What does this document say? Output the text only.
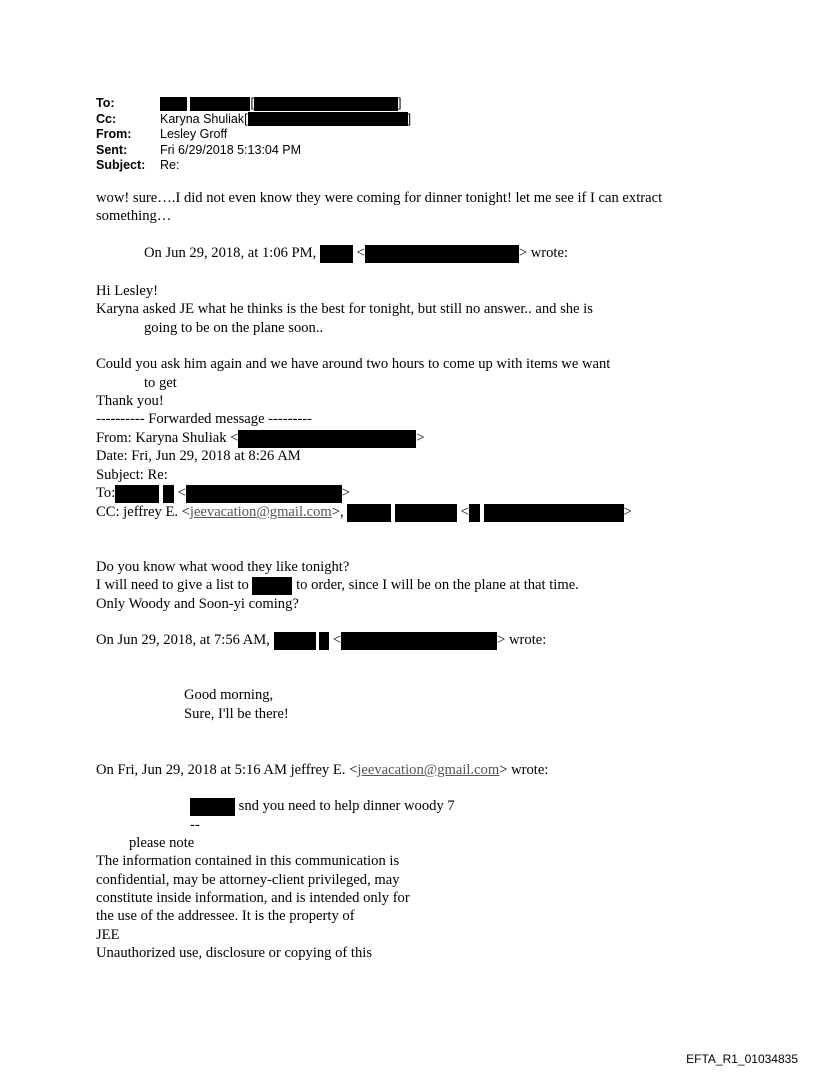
To:	[	]
Cc:	Karyna Shuliak[	]
From: Lesley Groff
Sent:	Fri 6/29/2018 5:13:04 PM
Subject: Re:
wow! sure….I did not even know they were coming for dinner tonight! let me see if I can extract
something…
On Jun 29, 2018, at 1:06 PM,	<	> wrote:
Hi Lesley!
Karyna asked JE what he thinks is the best for tonight, but still no answer.. and she is
going to be on the plane soon..
Could you ask him again and we have around two hours to come up with items we want
to get
Thank you!
---------- Forwarded message ---------
From: Karyna Shuliak <	>
Date: Fri, Jun 29, 2018 at 8:26 AM
Subject: Re:
To:	<	>
CC: jeffrey E. <jeevacation@gmail.com>,	<	>
Do you know what wood they like tonight?
I will need to give a list to	to order, since I will be on the plane at that time.
Only Woody and Soon-yi coming?
On Jun 29, 2018, at 7:56 AM,	<	> wrote:
Good morning,
Sure, I'll be there!
On Fri, Jun 29, 2018 at 5:16 AM jeffrey E. <jeevacation@gmail.com> wrote:
snd you need to help dinner woody 7
--
please note
The information contained in this communication is
confidential, may be attorney-client privileged, may
constitute inside information, and is intended only for
the use of the addressee. It is the property of
JEE
Unauthorized use, disclosure or copying of this
EFTA_R1_01034835
